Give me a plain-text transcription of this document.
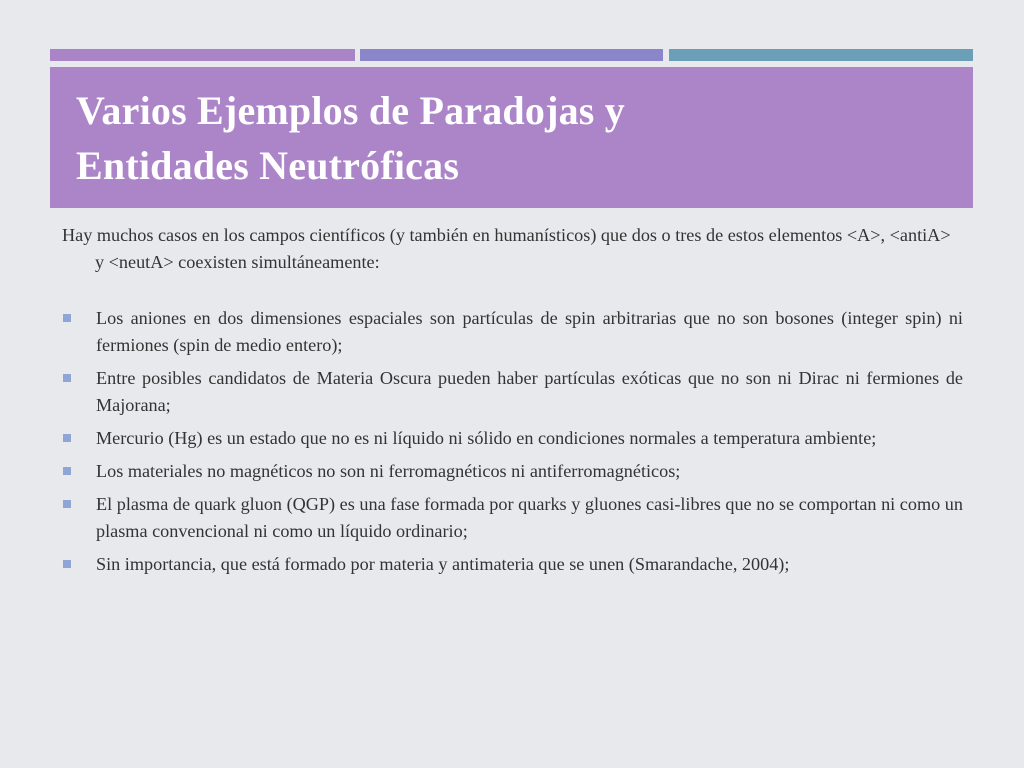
Varios Ejemplos de Paradojas y
Entidades Neutróficas

Hay muchos casos en los campos científicos (y también en humanísticos) que dos o tres de estos elementos <A>, <antiA> y <neutA> coexisten simultáneamente:

Los aniones en dos dimensiones espaciales son partículas de spin arbitrarias que no son bosones (integer spin) ni fermiones (spin de medio entero);
Entre posibles candidatos de Materia Oscura pueden haber partículas exóticas que no son ni Dirac ni fermiones de Majorana;
Mercurio (Hg) es un estado que no es ni líquido ni sólido en condiciones normales a temperatura ambiente;
Los materiales no magnéticos no son ni ferromagnéticos ni antiferromagnéticos;
El plasma de quark gluon (QGP) es una fase formada por quarks y gluones casi-libres que no se comportan ni como un plasma convencional ni como un líquido ordinario;
Sin importancia, que está formado por materia y antimateria que se unen (Smarandache, 2004);
